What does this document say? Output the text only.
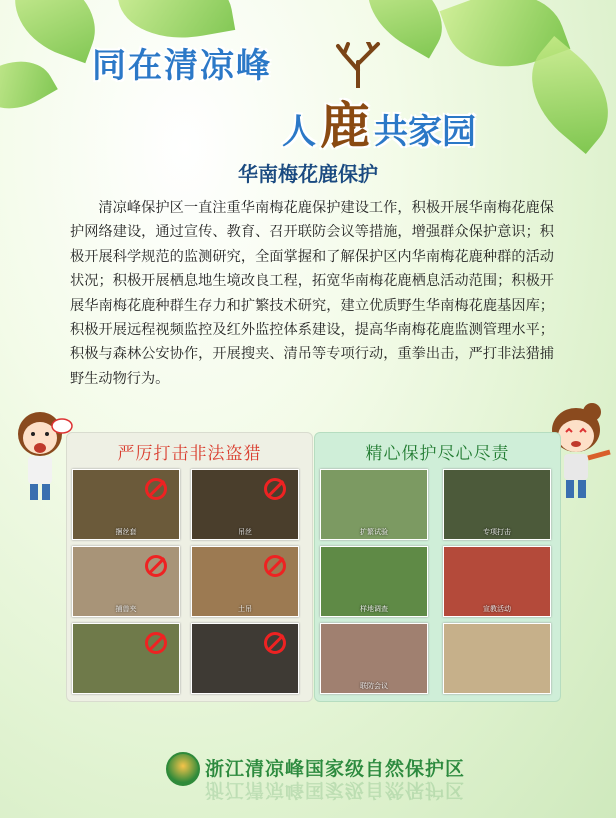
同在清凉峰
人鹿 共家园
华南梅花鹿保护
清凉峰保护区一直注重华南梅花鹿保护建设工作，积极开展华南梅花鹿保护网络建设，通过宣传、教育、召开联防会议等措施，增强群众保护意识；积极开展科学规范的监测研究，全面掌握和了解保护区内华南梅花鹿种群的活动状况；积极开展栖息地生境改良工程，拓宽华南梅花鹿栖息活动范围；积极开展华南梅花鹿种群生存力和扩繁技术研究，建立优质野生华南梅花鹿基因库；积极开展远程视频监控及红外监控体系建设，提高华南梅花鹿监测管理水平；积极与森林公安协作，开展搜夹、清吊等专项行动，重拳出击，严打非法猎捕野生动物行为。
严厉打击非法盗猎
捆丝套	吊丝
捕兽夹	土吊
精心保护尽心尽责
扩繁试验	专项打击
样地调查	宣教活动
联防会议
浙江清凉峰国家级自然保护区
浙江清凉峰国家级自然保护区
